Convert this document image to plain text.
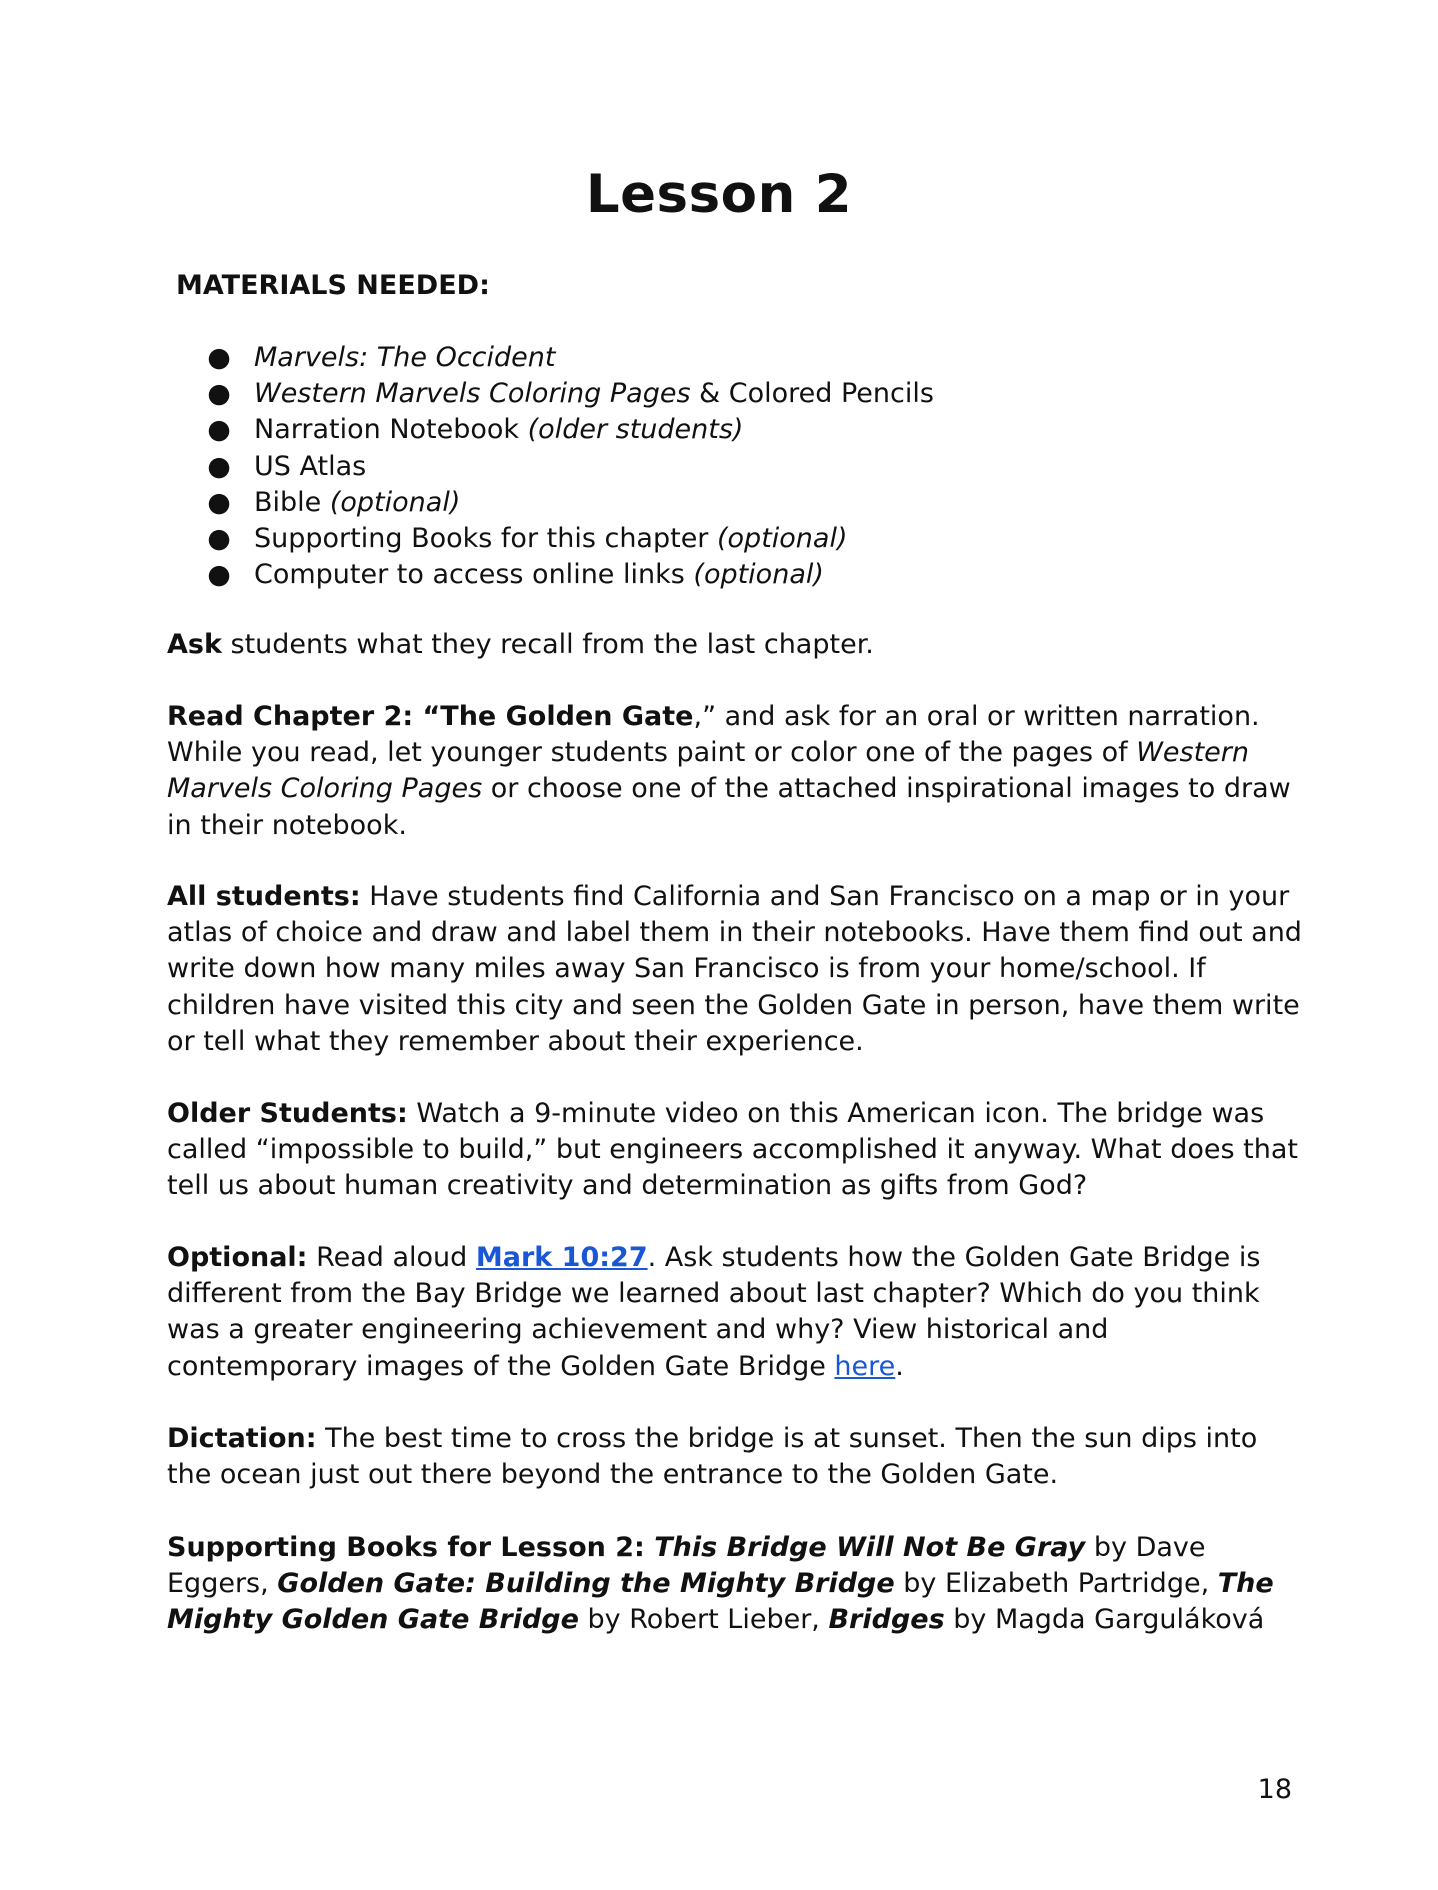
Lesson 2
MATERIALS NEEDED:
● Marvels: The Occident
● Western Marvels Coloring Pages & Colored Pencils
● Narration Notebook (older students)
● US Atlas
● Bible (optional)
● Supporting Books for this chapter (optional)
● Computer to access online links (optional)

Ask students what they recall from the last chapter.

Read Chapter 2: “The Golden Gate,” and ask for an oral or written narration. While you read, let younger students paint or color one of the pages of Western Marvels Coloring Pages or choose one of the attached inspirational images to draw in their notebook.

All students: Have students find California and San Francisco on a map or in your atlas of choice and draw and label them in their notebooks. Have them find out and write down how many miles away San Francisco is from your home/school. If children have visited this city and seen the Golden Gate in person, have them write or tell what they remember about their experience.

Older Students: Watch a 9-minute video on this American icon. The bridge was called “impossible to build,” but engineers accomplished it anyway. What does that tell us about human creativity and determination as gifts from God?

Optional: Read aloud Mark 10:27. Ask students how the Golden Gate Bridge is different from the Bay Bridge we learned about last chapter? Which do you think was a greater engineering achievement and why? View historical and contemporary images of the Golden Gate Bridge here.

Dictation: The best time to cross the bridge is at sunset. Then the sun dips into the ocean just out there beyond the entrance to the Golden Gate.

Supporting Books for Lesson 2: This Bridge Will Not Be Gray by Dave Eggers, Golden Gate: Building the Mighty Bridge by Elizabeth Partridge, The Mighty Golden Gate Bridge by Robert Lieber, Bridges by Magda Garguláková

18
